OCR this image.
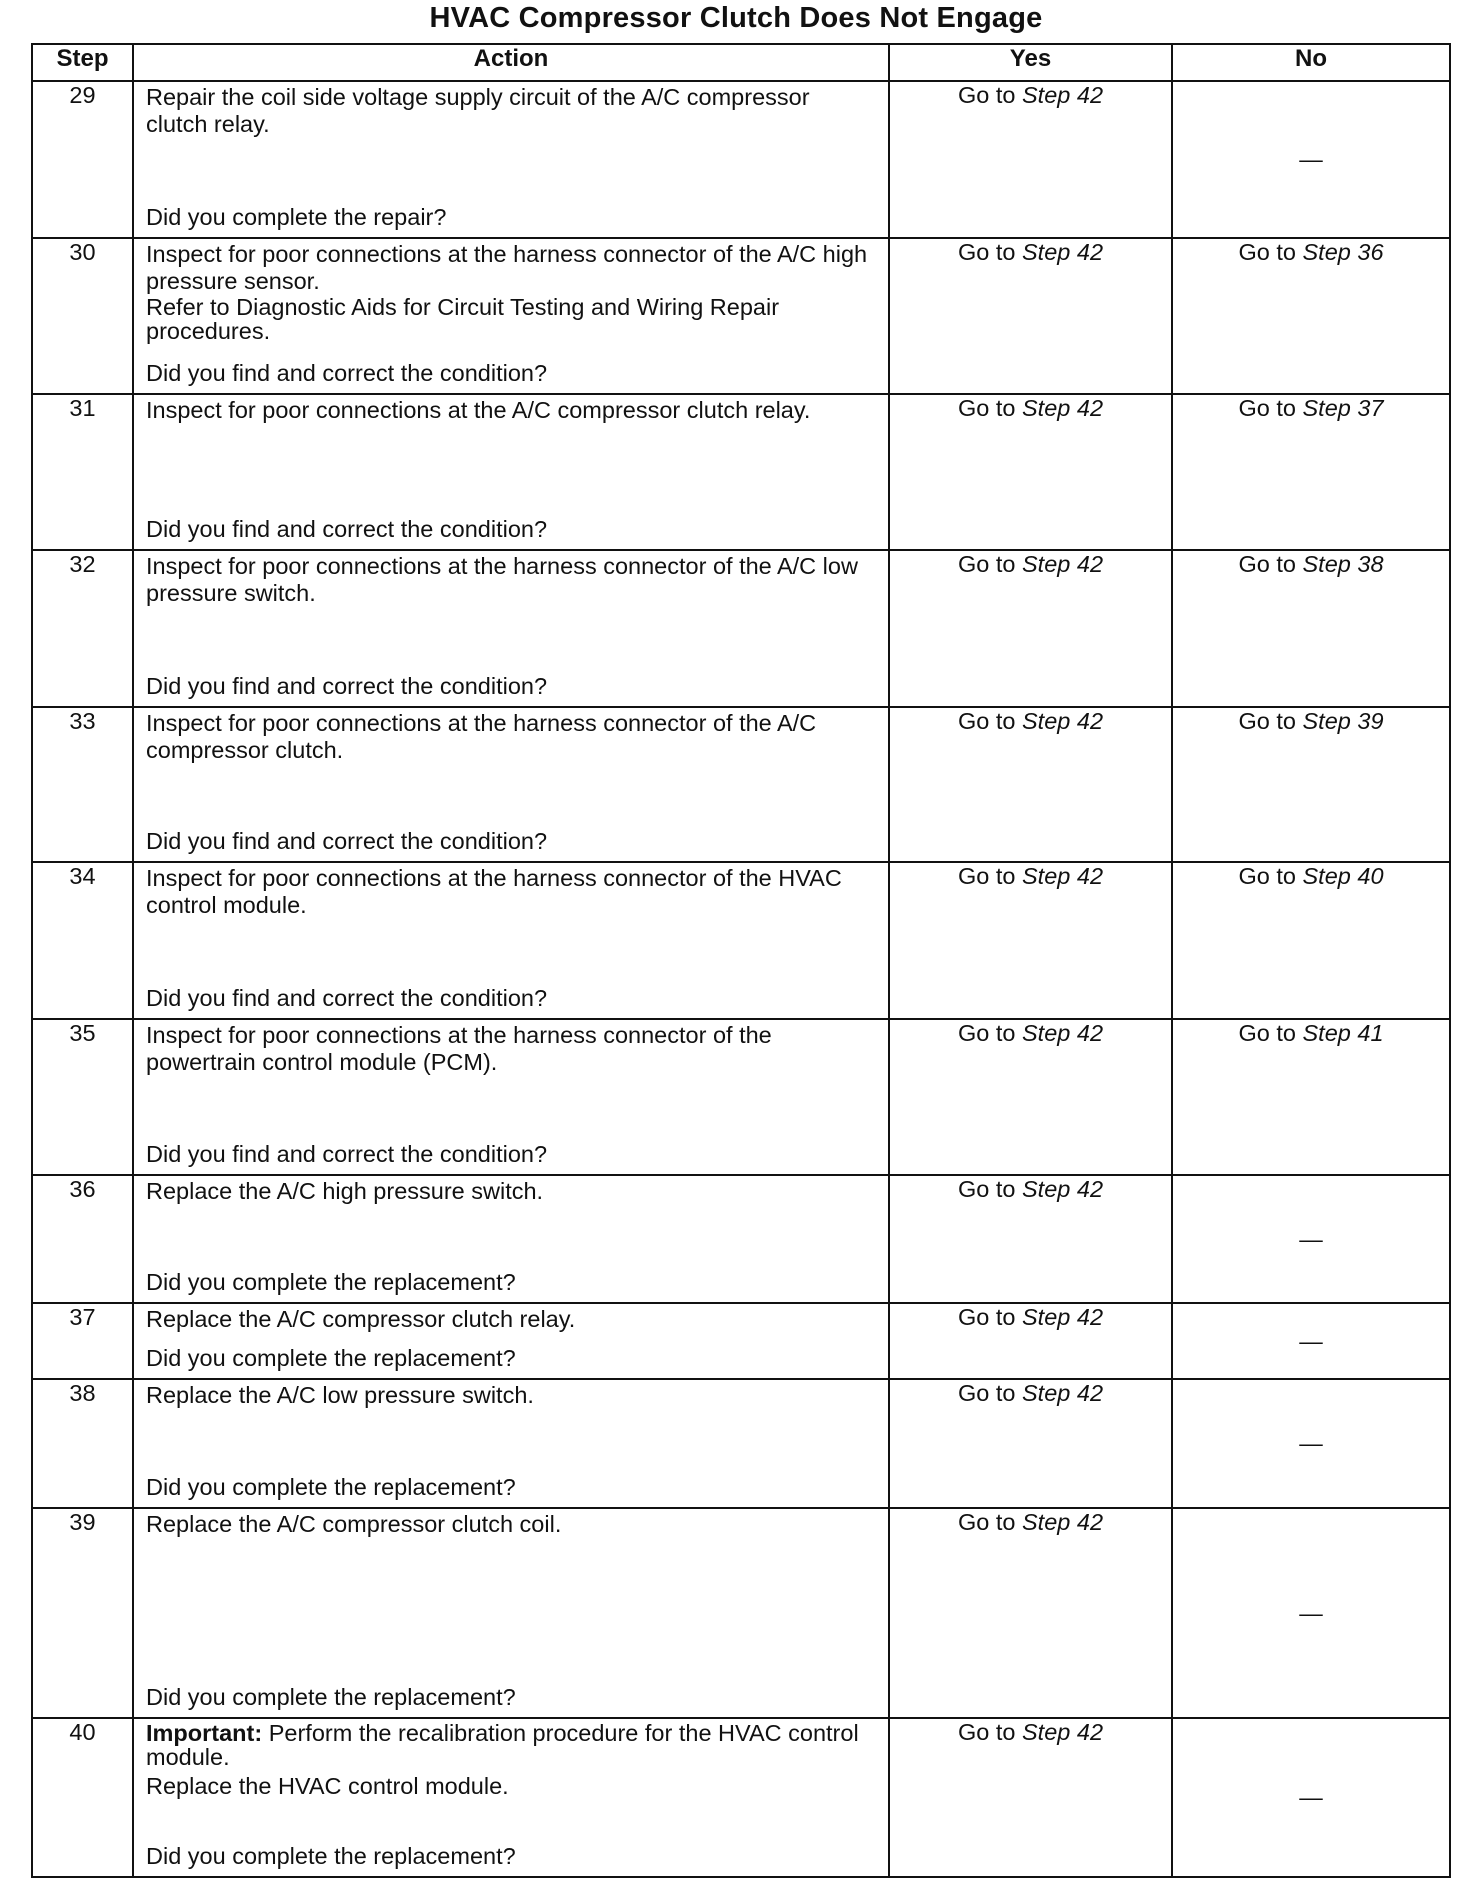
HVAC Compressor Clutch Does Not Engage
Step	Action	Yes	No
29	Repair the coil side voltage supply circuit of the A/C compressor clutch relay.
Did you complete the repair?	Go to Step 42	—
30	Inspect for poor connections at the harness connector of the A/C high pressure sensor.
Refer to Diagnostic Aids for Circuit Testing and Wiring Repair procedures.
Did you find and correct the condition?	Go to Step 42	Go to Step 36
31	Inspect for poor connections at the A/C compressor clutch relay.
Did you find and correct the condition?	Go to Step 42	Go to Step 37
32	Inspect for poor connections at the harness connector of the A/C low pressure switch.
Did you find and correct the condition?	Go to Step 42	Go to Step 38
33	Inspect for poor connections at the harness connector of the A/C compressor clutch.
Did you find and correct the condition?	Go to Step 42	Go to Step 39
34	Inspect for poor connections at the harness connector of the HVAC control module.
Did you find and correct the condition?	Go to Step 42	Go to Step 40
35	Inspect for poor connections at the harness connector of the powertrain control module (PCM).
Did you find and correct the condition?	Go to Step 42	Go to Step 41
36	Replace the A/C high pressure switch.
Did you complete the replacement?	Go to Step 42	—
37	Replace the A/C compressor clutch relay.
Did you complete the replacement?	Go to Step 42	—
38	Replace the A/C low pressure switch.
Did you complete the replacement?	Go to Step 42	—
39	Replace the A/C compressor clutch coil.
Did you complete the replacement?	Go to Step 42	—
40	Important: Perform the recalibration procedure for the HVAC control module.
Replace the HVAC control module.
Did you complete the replacement?	Go to Step 42	—
